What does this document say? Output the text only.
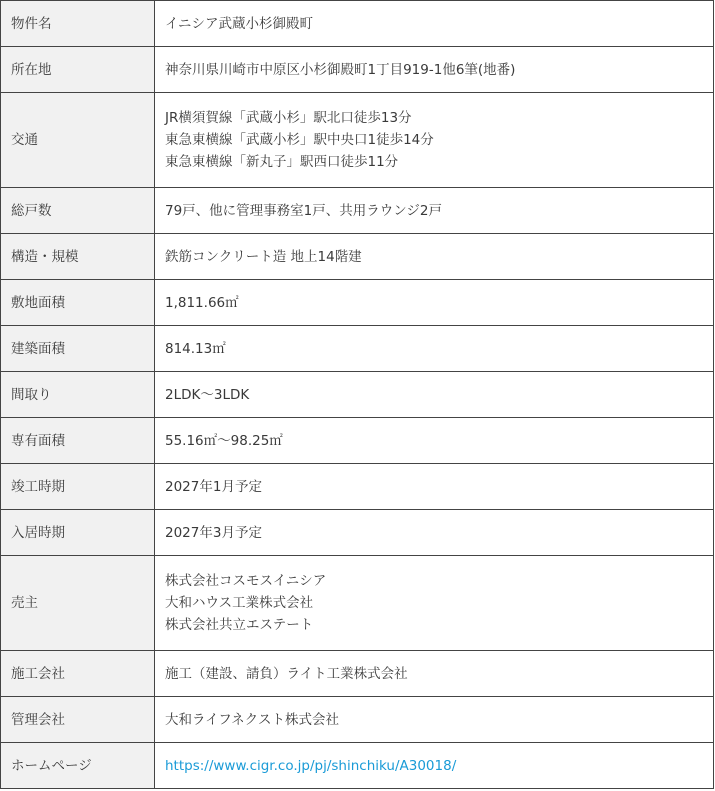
物件名	イニシア武蔵小杉御殿町

所在地	神奈川県川崎市中原区小杉御殿町1丁目919-1他6筆(地番)

交通	JR横須賀線「武蔵小杉」駅北口徒歩13分
東急東横線「武蔵小杉」駅中央口1徒歩14分
東急東横線「新丸子」駅西口徒歩11分

総戸数	79戸、他に管理事務室1戸、共用ラウンジ2戸

構造・規模	鉄筋コンクリート造 地上14階建

敷地面積	1,811.66㎡

建築面積	814.13㎡

間取り	2LDK～3LDK

専有面積	55.16㎡～98.25㎡

竣工時期	2027年1月予定

入居時期	2027年3月予定

売主	株式会社コスモスイニシア
大和ハウス工業株式会社
株式会社共立エステート

施工会社	施工（建設、請負）ライト工業株式会社

管理会社	大和ライフネクスト株式会社

ホームページ	https://www.cigr.co.jp/pj/shinchiku/A30018/
